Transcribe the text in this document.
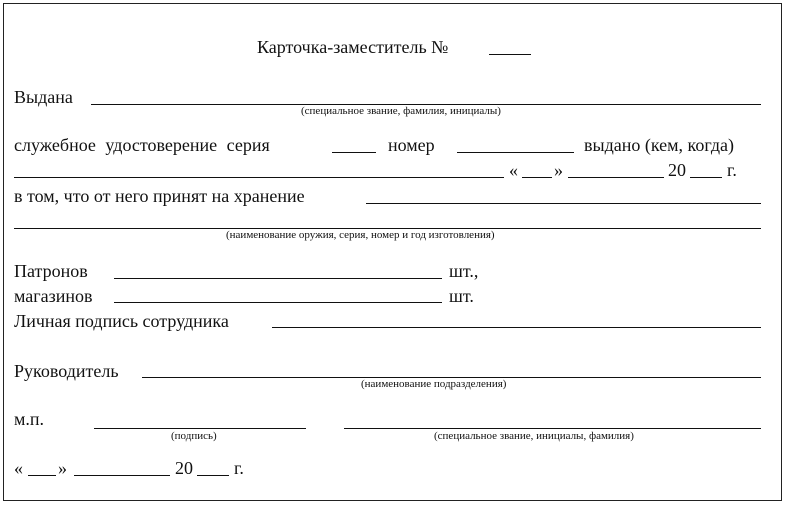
Карточка-заместитель №
Выдана
(специальное звание, фамилия, инициалы)
служебное удостоверение серия	номер	выдано (кем, когда)
« »	20 г.
в том, что от него принят на хранение
(наименование оружия, серия, номер и год изготовления)
Патронов	шт.,
магазинов	шт.
Личная подпись сотрудника
Руководитель
(наименование подразделения)
м.п.
(подпись)	(специальное звание, инициалы, фамилия)
« »	20 г.
